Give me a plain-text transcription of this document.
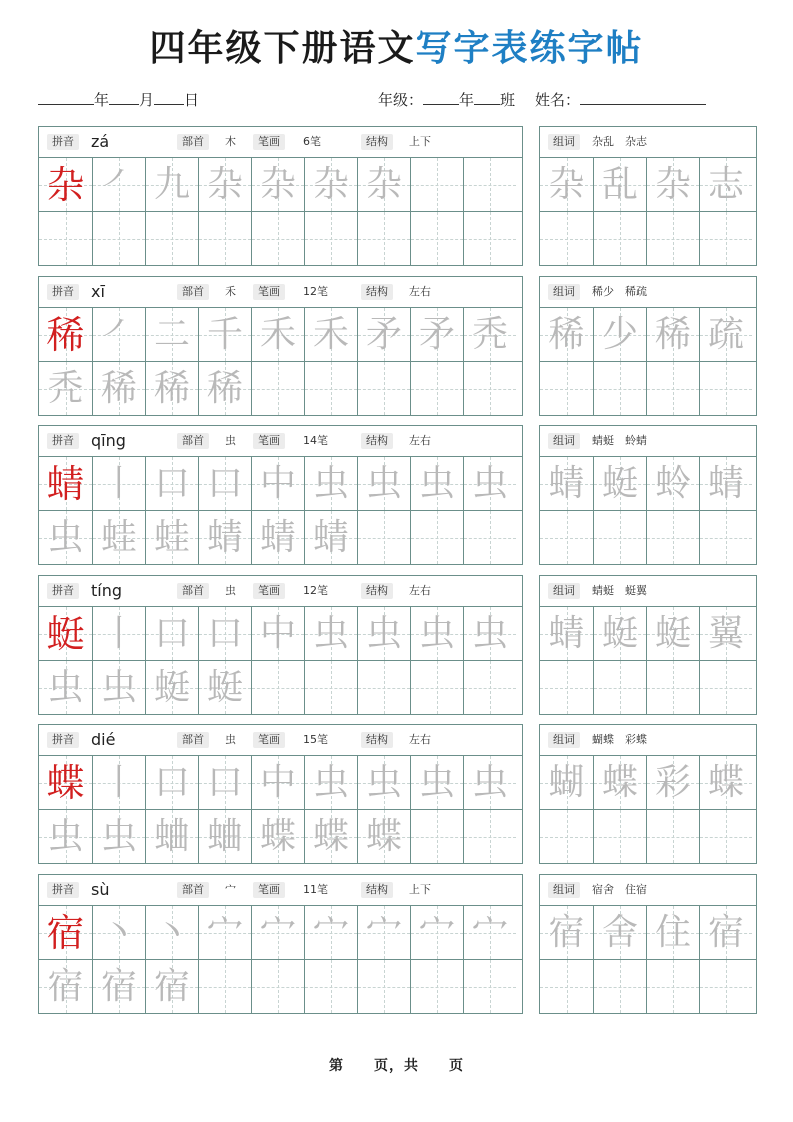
四年级下册语文写字表练字帖
年 月 日	年级： 年 班 姓名：
拼音	zá	部首	木	笔画	6笔	结构	上下
杂 ㇒ 九 杂 杂 杂 杂
组词	杂乱　杂志
杂 乱 杂 志
拼音	xī	部首	禾	笔画	12笔	结构	左右
稀 ㇒ 二 千 禾 禾 矛 矛 秃
秃 稀 稀 稀
组词	稀少　稀疏
稀 少 稀 疏
拼音	qīng	部首	虫	笔画	14笔	结构	左右
蜻 丨 口 口 中 虫 虫 虫 虫
虫 蛙 蛙 蜻 蜻 蜻
组词	蜻蜓　蛉蜻
蜻 蜓 蛉 蜻
拼音	tíng	部首	虫	笔画	12笔	结构	左右
蜓 丨 口 口 中 虫 虫 虫 虫
虫 虫 蜓 蜓
组词	蜻蜓　蜓翼
蜻 蜓 蜓 翼
拼音	dié	部首	虫	笔画	15笔	结构	左右
蝶 丨 口 口 中 虫 虫 虫 虫
虫 虫 蛐 蛐 蝶 蝶 蝶
组词	蝴蝶　彩蝶
蝴 蝶 彩 蝶
拼音	sù	部首	宀	笔画	11笔	结构	上下
宿 丶 丶 宀 宀 宀 宀 宀 宀
宿 宿 宿
组词	宿舍　住宿
宿 舍 住 宿
第　　页，共　　页
